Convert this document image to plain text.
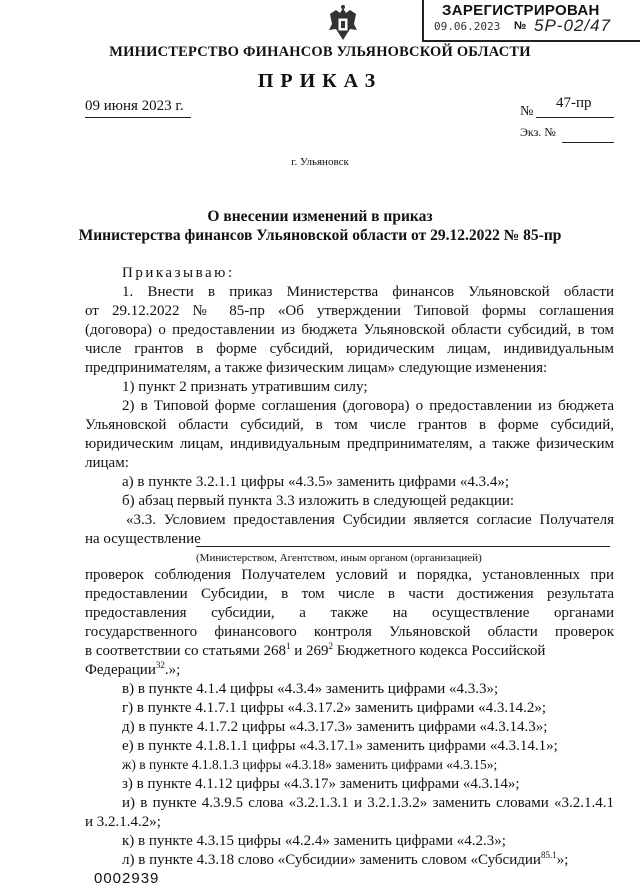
ЗАРЕГИСТРИРОВАН
09.06.2023 № 5Р-02/47
МИНИСТЕРСТВО ФИНАНСОВ УЛЬЯНОВСКОЙ ОБЛАСТИ
ПРИКАЗ
09 июня 2023 г.	№
47-пр
Экз. №
г. Ульяновск
О внесении изменений в приказ
Министерства финансов Ульяновской области от 29.12.2022 № 85-пр
Приказываю:
1. Внести в приказ Министерства финансов Ульяновской области
от 29.12.2022 № 85-пр «Об утверждении Типовой формы соглашения
(договора) о предоставлении из бюджета Ульяновской области субсидий, в том
числе грантов в форме субсидий, юридическим лицам, индивидуальным
предпринимателям, а также физическим лицам» следующие изменения:
1) пункт 2 признать утратившим силу;
2) в Типовой форме соглашения (договора) о предоставлении из бюджета
Ульяновской области субсидий, в том числе грантов в форме субсидий,
юридическим лицам, индивидуальным предпринимателям, а также физическим
лицам:
а) в пункте 3.2.1.1 цифры «4.3.5» заменить цифрами «4.3.4»;
б) абзац первый пункта 3.3 изложить в следующей редакции:
«3.3. Условием предоставления Субсидии является согласие Получателя
на осуществление
(Министерством, Агентством, иным органом (организацией)
проверок соблюдения Получателем условий и порядка, установленных при
предоставлении Субсидии, в том числе в части достижения результата
предоставления субсидии, а также на осуществление органами
государственного финансового контроля Ульяновской области проверок
в соответствии со статьями $268^1$ и $269^2$ Бюджетного кодекса Российской
Федерации$^{32}$.»;
в) в пункте 4.1.4 цифры «4.3.4» заменить цифрами «4.3.3»;
г) в пункте 4.1.7.1 цифры «4.3.17.2» заменить цифрами «4.3.14.2»;
д) в пункте 4.1.7.2 цифры «4.3.17.3» заменить цифрами «4.3.14.3»;
е) в пункте 4.1.8.1.1 цифры «4.3.17.1» заменить цифрами «4.3.14.1»;
ж) в пункте 4.1.8.1.3 цифры «4.3.18» заменить цифрами «4.3.15»;
з) в пункте 4.1.12 цифры «4.3.17» заменить цифрами «4.3.14»;
и) в пункте 4.3.9.5 слова «3.2.1.3.1 и 3.2.1.3.2» заменить словами «3.2.1.4.1
и 3.2.1.4.2»;
к) в пункте 4.3.15 цифры «4.2.4» заменить цифрами «4.2.3»;
л) в пункте 4.3.18 слово «Субсидии» заменить словом «Субсидии$^{85.1}$»;
0002939
